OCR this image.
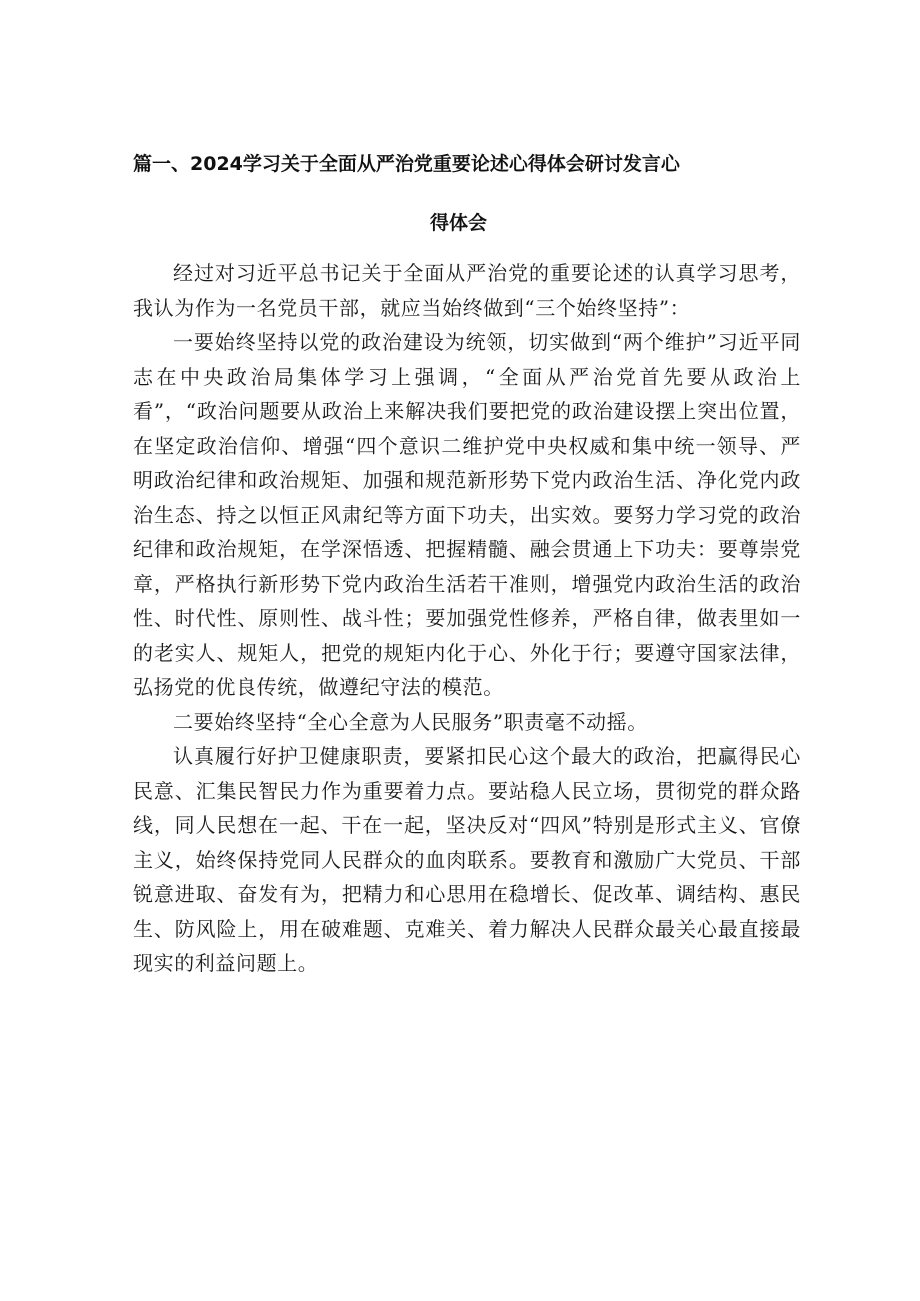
篇一、2024学习关于全面从严治党重要论述心得体会研讨发言心
得体会

经过对习近平总书记关于全面从严治党的重要论述的认真学习思考，我认为作为一名党员干部，就应当始终做到“三个始终坚持”：

一要始终坚持以党的政治建设为统领，切实做到“两个维护”习近平同志在中央政治局集体学习上强调，“全面从严治党首先要从政治上看”，“政治问题要从政治上来解决我们要把党的政治建设摆上突出位置，在坚定政治信仰、增强“四个意识二维护党中央权威和集中统一领导、严明政治纪律和政治规矩、加强和规范新形势下党内政治生活、净化党内政治生态、持之以恒正风肃纪等方面下功夫，出实效。要努力学习党的政治纪律和政治规矩，在学深悟透、把握精髓、融会贯通上下功夫：要尊崇党章，严格执行新形势下党内政治生活若干准则，增强党内政治生活的政治性、时代性、原则性、战斗性；要加强党性修养，严格自律，做表里如一的老实人、规矩人，把党的规矩内化于心、外化于行；要遵守国家法律，弘扬党的优良传统，做遵纪守法的模范。

二要始终坚持“全心全意为人民服务”职责毫不动摇。

认真履行好护卫健康职责，要紧扣民心这个最大的政治，把赢得民心民意、汇集民智民力作为重要着力点。要站稳人民立场，贯彻党的群众路线，同人民想在一起、干在一起，坚决反对“四风”特别是形式主义、官僚主义，始终保持党同人民群众的血肉联系。要教育和激励广大党员、干部锐意进取、奋发有为，把精力和心思用在稳增长、促改革、调结构、惠民生、防风险上，用在破难题、克难关、着力解决人民群众最关心最直接最现实的利益问题上。
